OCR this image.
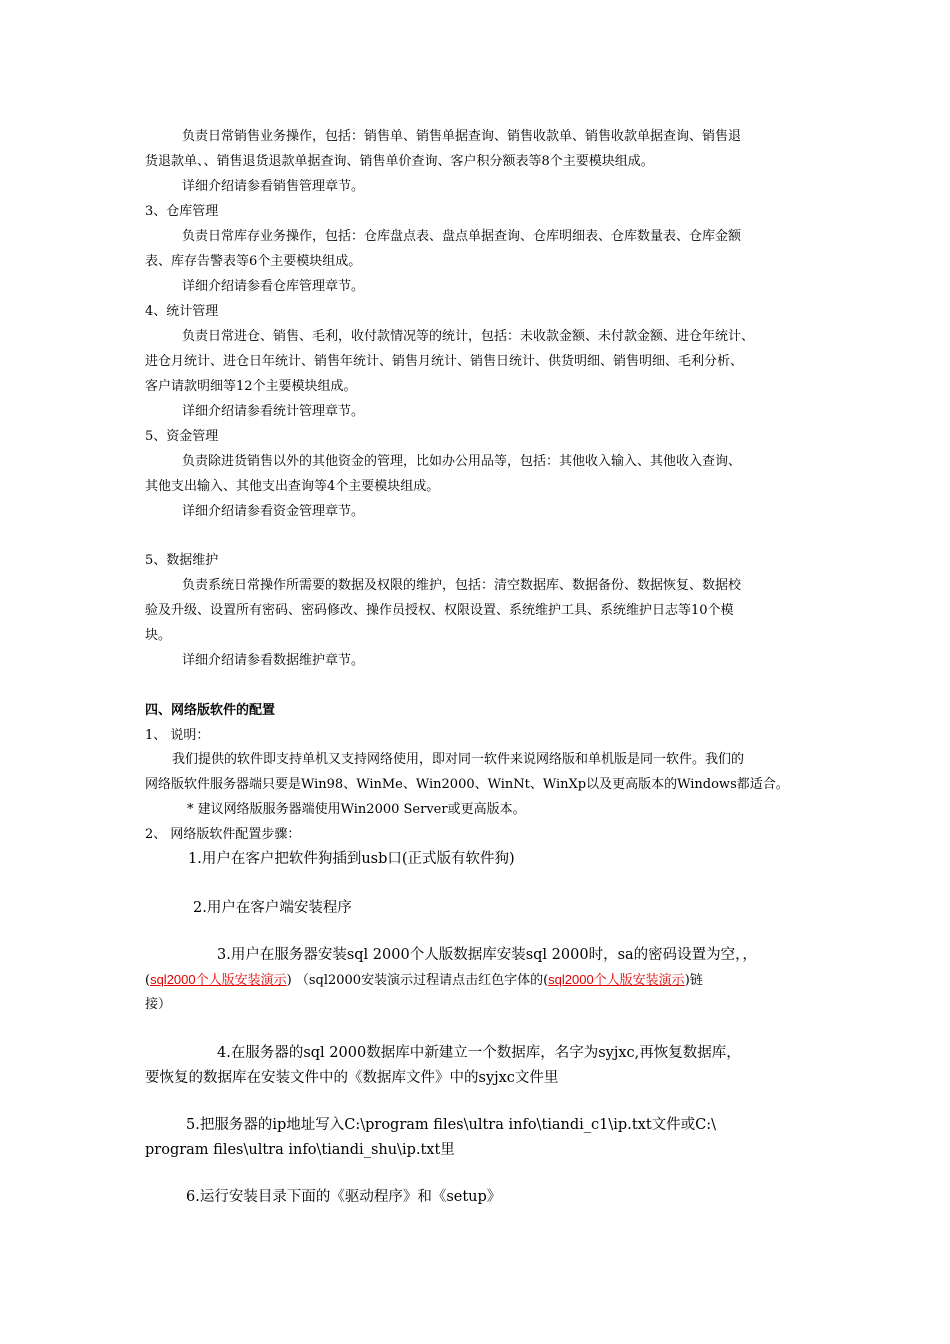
负责日常销售业务操作，包括：销售单、销售单据查询、销售收款单、销售收款单据查询、销售退
货退款单、、销售退货退款单据查询、销售单价查询、客户积分额表等8个主要模块组成。
详细介绍请参看销售管理章节。
3、仓库管理
负责日常库存业务操作，包括：仓库盘点表、盘点单据查询、仓库明细表、仓库数量表、仓库金额
表、库存告警表等6个主要模块组成。
详细介绍请参看仓库管理章节。
4、统计管理
负责日常进仓、销售、毛利，收付款情况等的统计，包括：未收款金额、未付款金额、进仓年统计、
进仓月统计、进仓日年统计、销售年统计、销售月统计、销售日统计、供货明细、销售明细、毛利分析、
客户请款明细等12个主要模块组成。
详细介绍请参看统计管理章节。
5、资金管理
负责除进货销售以外的其他资金的管理，比如办公用品等，包括：其他收入输入、其他收入查询、
其他支出输入、其他支出查询等4个主要模块组成。
详细介绍请参看资金管理章节。
5、数据维护
负责系统日常操作所需要的数据及权限的维护，包括：清空数据库、数据备份、数据恢复、数据校
验及升级、设置所有密码、密码修改、操作员授权、权限设置、系统维护工具、系统维护日志等10个模
块。
详细介绍请参看数据维护章节。
四、网络版软件的配置
1、 说明：
我们提供的软件即支持单机又支持网络使用，即对同一软件来说网络版和单机版是同一软件。我们的
网络版软件服务器端只要是Win98、WinMe、Win2000、WinNt、WinXp以及更高版本的Windows都适合。
* 建议网络版服务器端使用Win2000 Server或更高版本。
2、 网络版软件配置步骤：
1.用户在客户把软件狗插到usb口(正式版有软件狗)
2.用户在客户端安装程序
3.用户在服务器安装sql 2000个人版数据库安装sql 2000时，sa的密码设置为空，，
(sql2000个人版安装演示) （sql2000安装演示过程请点击红色字体的(sql2000个人版安装演示)链
接）
4.在服务器的sql 2000数据库中新建立一个数据库，名字为syjxc,再恢复数据库，
要恢复的数据库在安装文件中的《数据库文件》中的syjxc文件里
5.把服务器的ip地址写入C:\program files\ultra info\tiandi_c1\ip.txt文件或C:\
program files\ultra info\tiandi_shu\ip.txt里
6.运行安装目录下面的《驱动程序》和《setup》
